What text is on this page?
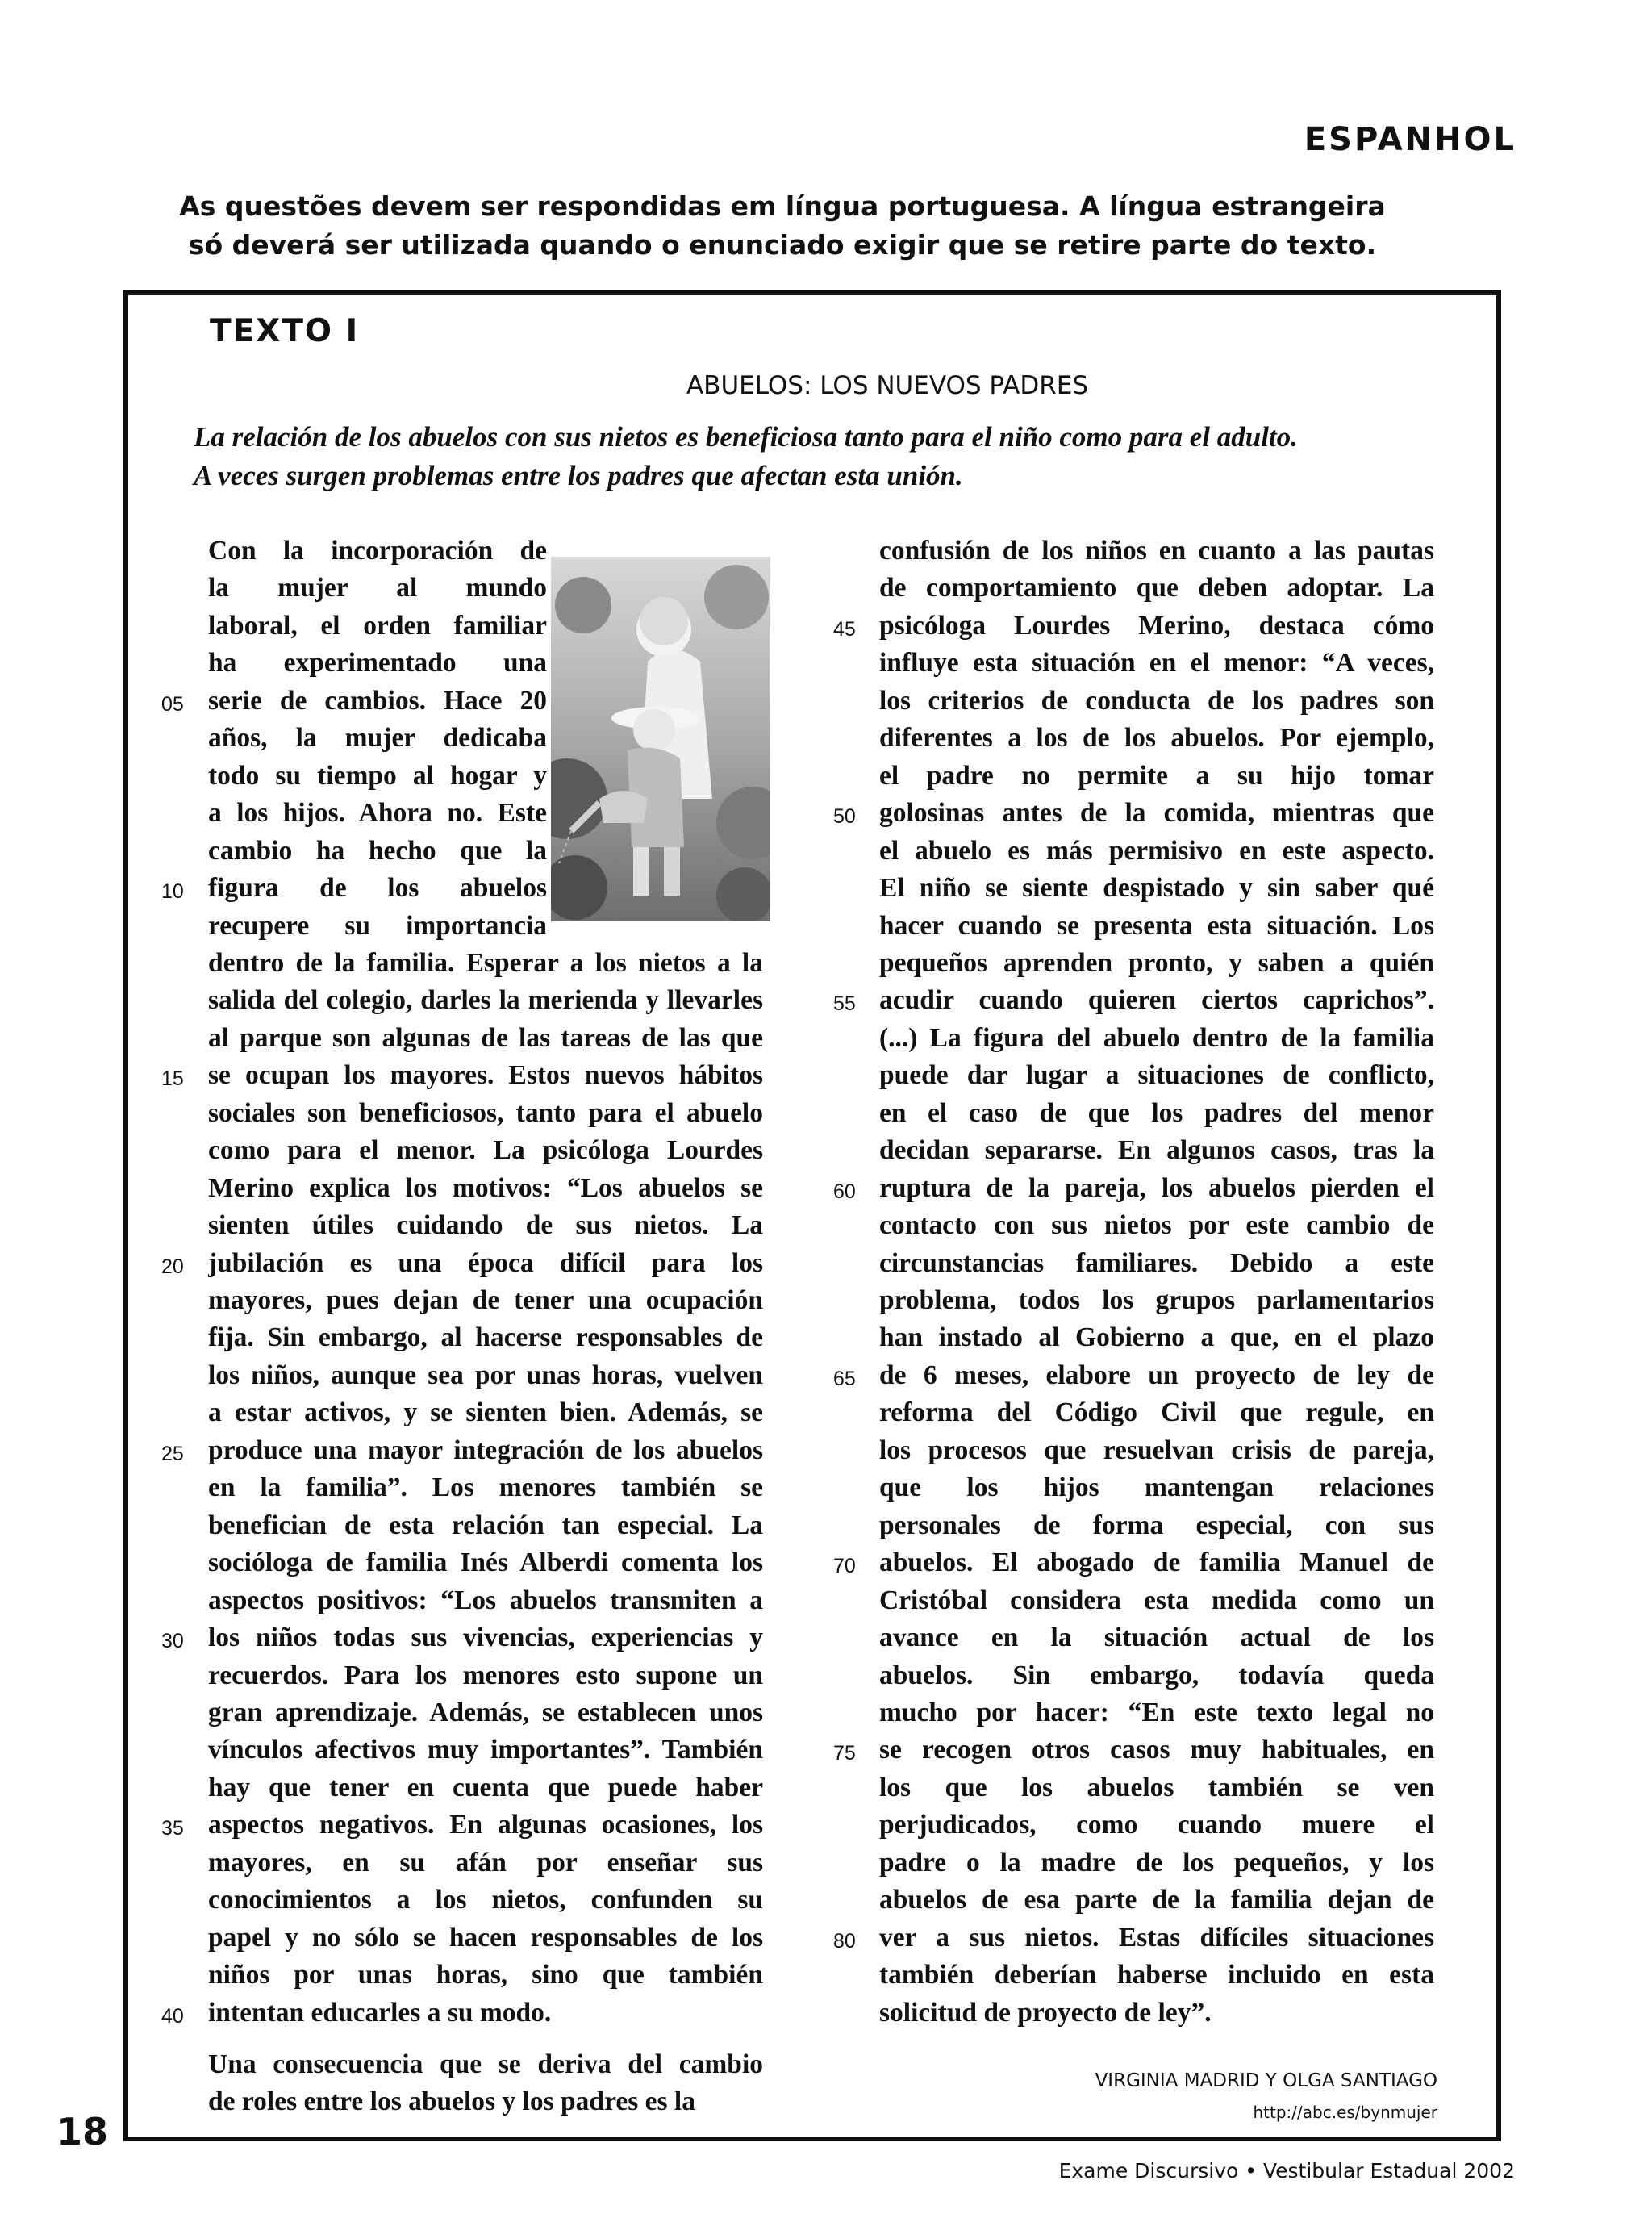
ESPANHOL
As questões devem ser respondidas em língua portuguesa. A língua estrangeira
só deverá ser utilizada quando o enunciado exigir que se retire parte do texto.
TEXTO I
ABUELOS: LOS NUEVOS PADRES
La relación de los abuelos con sus nietos es beneficiosa tanto para el niño como para el adulto.
A veces surgen problemas entre los padres que afectan esta unión.
VIRGINIA MADRID Y OLGA SANTIAGO
http://abc.es/bynmujer
18
Exame Discursivo • Vestibular Estadual 2002
Con la incorporación de
la mujer al mundo
laboral, el orden familiar
ha experimentado una
serie de cambios. Hace 20
05
años, la mujer dedicaba
todo su tiempo al hogar y
a los hijos. Ahora no. Este
cambio ha hecho que la
figura de los abuelos
10
recupere su importancia
dentro de la familia. Esperar a los nietos a la
salida del colegio, darles la merienda y llevarles
al parque son algunas de las tareas de las que
se ocupan los mayores. Estos nuevos hábitos
15
sociales son beneficiosos, tanto para el abuelo
como para el menor. La psicóloga Lourdes
Merino explica los motivos: “Los abuelos se
sienten útiles cuidando de sus nietos. La
jubilación es una época difícil para los
20
mayores, pues dejan de tener una ocupación
fija. Sin embargo, al hacerse responsables de
los niños, aunque sea por unas horas, vuelven
a estar activos, y se sienten bien. Además, se
produce una mayor integración de los abuelos
25
en la familia”. Los menores también se
benefician de esta relación tan especial. La
socióloga de familia Inés Alberdi comenta los
aspectos positivos: “Los abuelos transmiten a
los niños todas sus vivencias, experiencias y
30
recuerdos. Para los menores esto supone un
gran aprendizaje. Además, se establecen unos
vínculos afectivos muy importantes”. También
hay que tener en cuenta que puede haber
aspectos negativos. En algunas ocasiones, los
35
mayores, en su afán por enseñar sus
conocimientos a los nietos, confunden su
papel y no sólo se hacen responsables de los
niños por unas horas, sino que también
intentan educarles a su modo.
40
Una consecuencia que se deriva del cambio
de roles entre los abuelos y los padres es la
confusión de los niños en cuanto a las pautas
de comportamiento que deben adoptar. La
psicóloga Lourdes Merino, destaca cómo
45
influye esta situación en el menor: “A veces,
los criterios de conducta de los padres son
diferentes a los de los abuelos. Por ejemplo,
el padre no permite a su hijo tomar
golosinas antes de la comida, mientras que
50
el abuelo es más permisivo en este aspecto.
El niño se siente despistado y sin saber qué
hacer cuando se presenta esta situación. Los
pequeños aprenden pronto, y saben a quién
acudir cuando quieren ciertos caprichos”.
55
(...) La figura del abuelo dentro de la familia
puede dar lugar a situaciones de conflicto,
en el caso de que los padres del menor
decidan separarse. En algunos casos, tras la
ruptura de la pareja, los abuelos pierden el
60
contacto con sus nietos por este cambio de
circunstancias familiares. Debido a este
problema, todos los grupos parlamentarios
han instado al Gobierno a que, en el plazo
de 6 meses, elabore un proyecto de ley de
65
reforma del Código Civil que regule, en
los procesos que resuelvan crisis de pareja,
que los hijos mantengan relaciones
personales de forma especial, con sus
abuelos. El abogado de familia Manuel de
70
Cristóbal considera esta medida como un
avance en la situación actual de los
abuelos. Sin embargo, todavía queda
mucho por hacer: “En este texto legal no
se recogen otros casos muy habituales, en
75
los que los abuelos también se ven
perjudicados, como cuando muere el
padre o la madre de los pequeños, y los
abuelos de esa parte de la familia dejan de
ver a sus nietos. Estas difíciles situaciones
80
también deberían haberse incluido en esta
solicitud de proyecto de ley”.
